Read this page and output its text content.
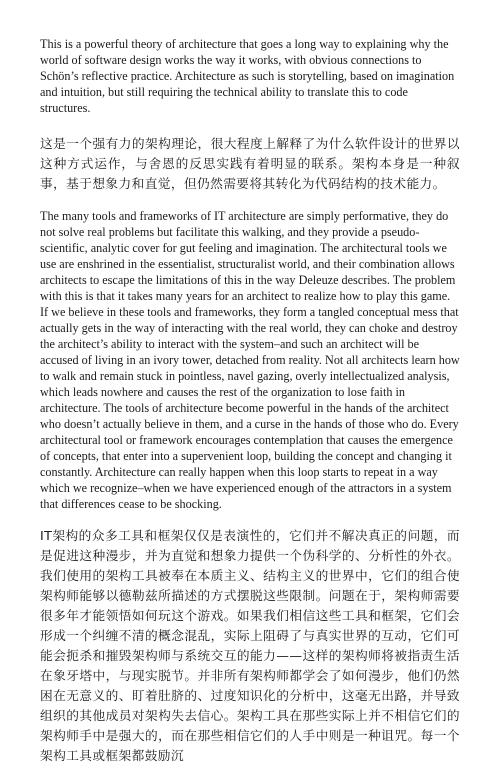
This is a powerful theory of architecture that goes a long way to explaining why the world of software design works the way it works, with obvious connections to Schön’s reflective practice. Architecture as such is storytelling, based on imagination and intuition, but still requiring the technical ability to translate this to code structures.

这是一个强有力的架构理论，很大程度上解释了为什么软件设计的世界以这种方式运作，与舍恩的反思实践有着明显的联系。架构本身是一种叙事，基于想象力和直觉，但仍然需要将其转化为代码结构的技术能力。

The many tools and frameworks of IT architecture are simply performative, they do not solve real problems but facilitate this walking, and they provide a pseudo-scientific, analytic cover for gut feeling and imagination. The architectural tools we use are enshrined in the essentialist, structuralist world, and their combination allows architects to escape the limitations of this in the way Deleuze describes. The problem with this is that it takes many years for an architect to realize how to play this game. If we believe in these tools and frameworks, they form a tangled conceptual mess that actually gets in the way of interacting with the real world, they can choke and destroy the architect’s ability to interact with the system–and such an architect will be accused of living in an ivory tower, detached from reality. Not all architects learn how to walk and remain stuck in pointless, navel gazing, overly intellectualized analysis, which leads nowhere and causes the rest of the organization to lose faith in architecture. The tools of architecture become powerful in the hands of the architect who doesn’t actually believe in them, and a curse in the hands of those who do. Every architectural tool or framework encourages contemplation that causes the emergence of concepts, that enter into a supervenient loop, building the concept and changing it constantly. Architecture can really happen when this loop starts to repeat in a way which we recognize–when we have experienced enough of the attractors in a system that differences cease to be shocking.

IT架构的众多工具和框架仅仅是表演性的，它们并不解决真正的问题，而是促进这种漫步，并为直觉和想象力提供一个伪科学的、分析性的外衣。我们使用的架构工具被奉在本质主义、结构主义的世界中，它们的组合使架构师能够以德勒兹所描述的方式摆脱这些限制。问题在于，架构师需要很多年才能领悟如何玩这个游戏。如果我们相信这些工具和框架，它们会形成一个纠缠不清的概念混乱，实际上阻碍了与真实世界的互动，它们可能会扼杀和摧毁架构师与系统交互的能力——这样的架构师将被指责生活在象牙塔中，与现实脱节。并非所有架构师都学会了如何漫步，他们仍然困在无意义的、盯着肚脐的、过度知识化的分析中，这毫无出路，并导致组织的其他成员对架构失去信心。架构工具在那些实际上并不相信它们的架构师手中是强大的，而在那些相信它们的人手中则是一种诅咒。每一个架构工具或框架都鼓励沉
